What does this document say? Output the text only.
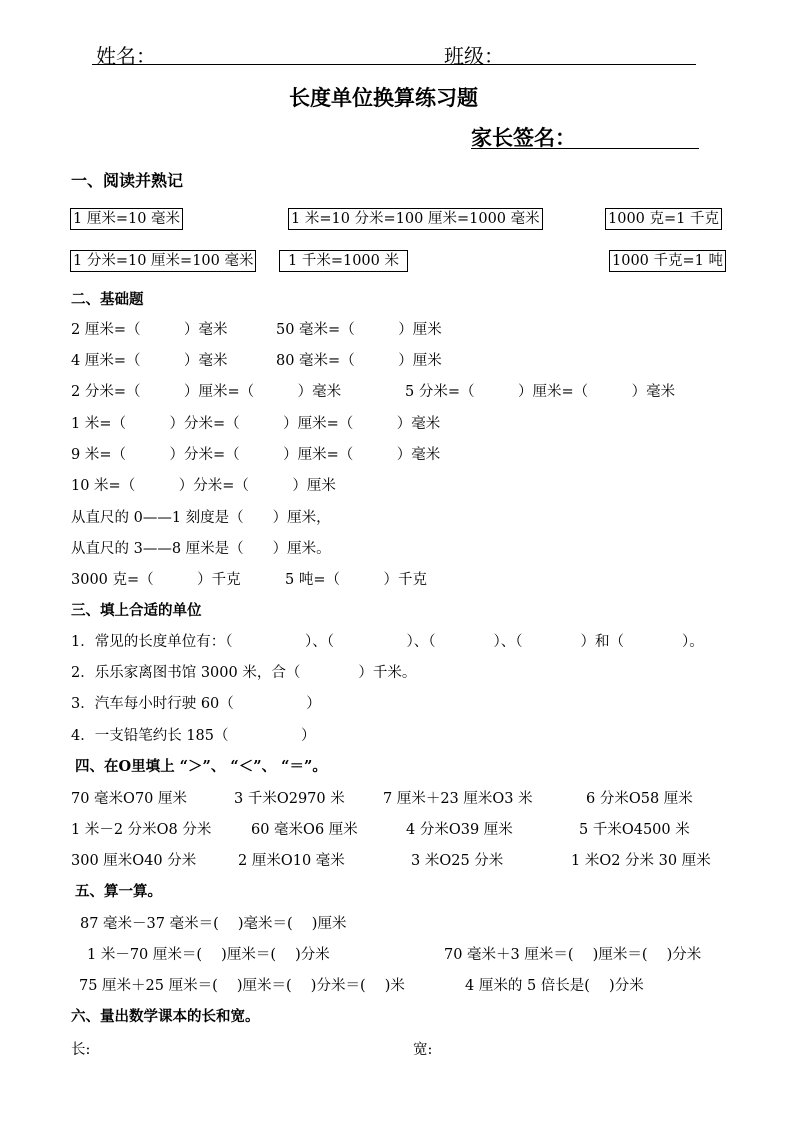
姓名：	班级：
长度单位换算练习题
家长签名：
一、阅读并熟记
1 厘米=10 毫米	1 米=10 分米=100 厘米=1000 毫米	1000 克=1 千克
1 分米=10 厘米=100 毫米	1 千米=1000 米	1000 千克=1 吨
二、基础题
2 厘米=（　　　）毫米	50 毫米=（　　　）厘米
4 厘米=（　　　）毫米	80 毫米=（　　　）厘米
2 分米=（　　　）厘米=（　　　）毫米	5 分米=（　　　）厘米=（　　　）毫米
1 米=（　　　）分米=（　　　）厘米=（　　　）毫米
9 米=（　　　）分米=（　　　）厘米=（　　　）毫米
10 米=（　　　）分米=（　　　）厘米
从直尺的 0——1 刻度是（　　）厘米，
从直尺的 3——8 厘米是（　　）厘米。
3000 克=（　　　）千克	5 吨=（　　　）千克
三、填上合适的单位
1．常见的长度单位有：（　　　　　）、（　　　　　）、（　　　　）、（　　　　）和（　　　　）。
2．乐乐家离图书馆 3000 米，合（　　　　）千米。
3．汽车每小时行驶 60（　　　　　）
4．一支铅笔约长 185（　　　　　）
四、在O里填上 “＞”、 “＜”、 “＝”。
70 毫米O70 厘米	3 千米O2970 米	7 厘米＋23 厘米O3 米	6 分米O58 厘米
1 米－2 分米O8 分米	60 毫米O6 厘米	4 分米O39 厘米	5 千米O4500 米
300 厘米O40 分米	2 厘米O10 毫米	3 米O25 分米	1 米O2 分米 30 厘米
五、算一算。
87 毫米－37 毫米＝(　 )毫米＝(　 )厘米
1 米－70 厘米＝(　 )厘米＝(　 )分米	70 毫米＋3 厘米＝(　 )厘米＝(　 )分米
75 厘米＋25 厘米＝(　 )厘米＝(　 )分米＝(　 )米	4 厘米的 5 倍长是(　 )分米
六、量出数学课本的长和宽。
长:	宽:
